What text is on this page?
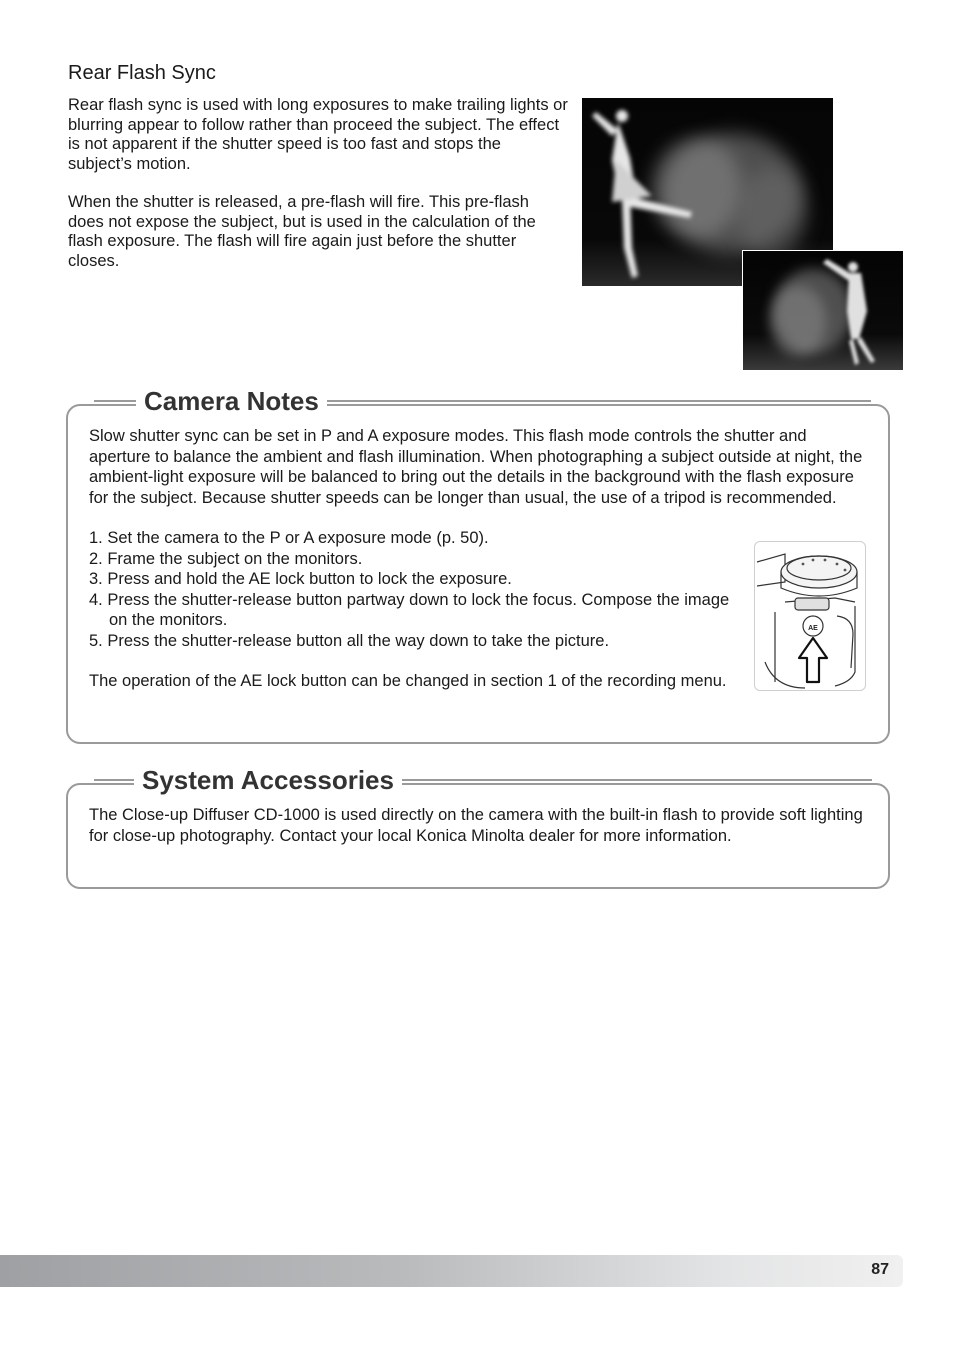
Rear Flash Sync

Rear flash sync is used with long exposures to make trailing lights or blurring appear to follow rather than proceed the subject. The effect is not apparent if the shutter speed is too fast and stops the subject’s motion.

When the shutter is released, a pre-flash will fire. This pre-flash does not expose the subject, but is used in the calculation of the flash exposure. The flash will fire again just before the shutter closes.

Camera Notes

Slow shutter sync can be set in P and A exposure modes. This flash mode controls the shutter and aperture to balance the ambient and flash illumination. When photographing a subject outside at night, the ambient-light exposure will be balanced to bring out the details in the background with the flash exposure for the subject. Because shutter speeds can be longer than usual, the use of a tripod is recommended.

1. Set the camera to the P or A exposure mode (p. 50).
2. Frame the subject on the monitors.
3. Press and hold the AE lock button to lock the exposure.
4. Press the shutter-release button partway down to lock the focus. Compose the image on the monitors.
5. Press the shutter-release button all the way down to take the picture.

The operation of the AE lock button can be changed in section 1 of the recording menu.

AE
System Accessories

The Close-up Diffuser CD-1000 is used directly on the camera with the built-in flash to provide soft lighting for close-up photography. Contact your local Konica Minolta dealer for more information.

87
